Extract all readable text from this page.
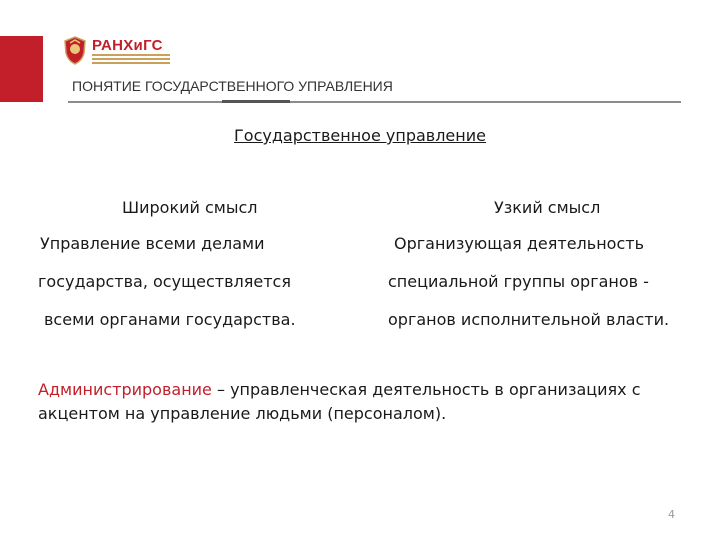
РАНХиГС
ПОНЯТИЕ ГОСУДАРСТВЕННОГО УПРАВЛЕНИЯ
Государственное управление
Широкий смысл	Узкий смысл
Управление всеми делами
государства, осуществляется
всеми органами государства.
Организующая деятельность
специальной группы органов -
органов исполнительной власти.
Администрирование – управленческая деятельность в организациях с акцентом на управление людьми (персоналом).
4
